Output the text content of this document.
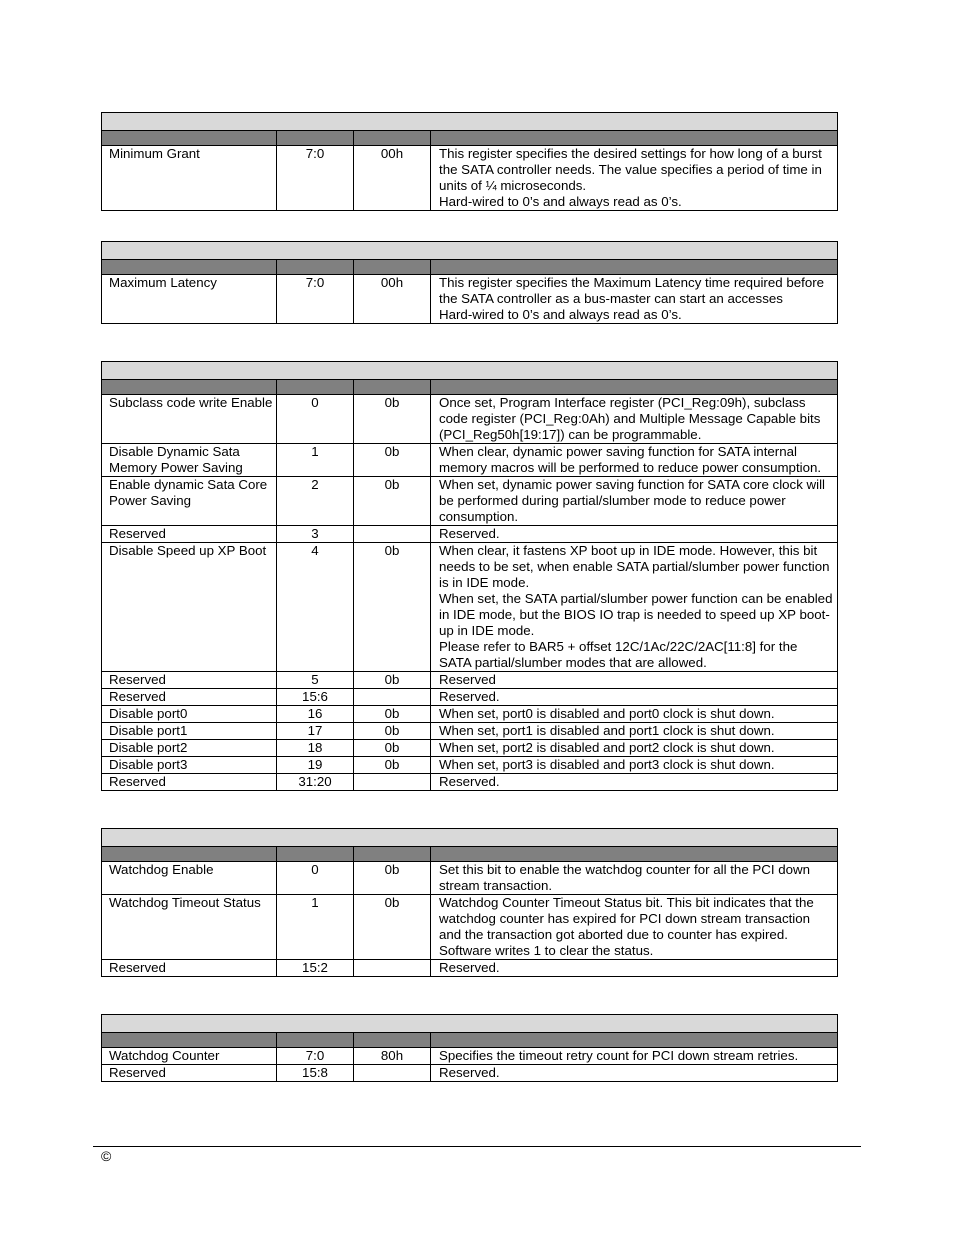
Minimum Grant	7:0	00h	This register specifies the desired settings for how long of a burst the SATA controller needs. The value specifies a period of time in units of ¼ microseconds.
Hard-wired to 0’s and always read as 0’s.

Maximum Latency	7:0	00h	This register specifies the Maximum Latency time required before the SATA controller as a bus-master can start an accesses
Hard-wired to 0’s and always read as 0’s.

Subclass code write Enable	0	0b	Once set, Program Interface register (PCI_Reg:09h), subclass code register (PCI_Reg:0Ah) and Multiple Message Capable bits (PCI_Reg50h[19:17]) can be programmable.

Disable Dynamic Sata Memory Power Saving	1	0b	When clear, dynamic power saving function for SATA internal memory macros will be performed to reduce power consumption.

Enable dynamic Sata Core Power Saving	2	0b	When set, dynamic power saving function for SATA core clock will be performed during partial/slumber mode to reduce power consumption.

Reserved	3		Reserved.

Disable Speed up XP Boot	4	0b	When clear, it fastens XP boot up in IDE mode. However, this bit needs to be set, when enable SATA partial/slumber power function is in IDE mode.
When set, the SATA partial/slumber power function can be enabled in IDE mode, but the BIOS IO trap is needed to speed up XP boot-up in IDE mode.
Please refer to BAR5 + offset 12C/1Ac/22C/2AC[11:8] for the SATA partial/slumber modes that are allowed.

Reserved	5	0b	Reserved

Reserved	15:6		Reserved.

Disable port0	16	0b	When set, port0 is disabled and port0 clock is shut down.

Disable port1	17	0b	When set, port1 is disabled and port1 clock is shut down.

Disable port2	18	0b	When set, port2 is disabled and port2 clock is shut down.

Disable port3	19	0b	When set, port3 is disabled and port3 clock is shut down.

Reserved	31:20		Reserved.

Watchdog Enable	0	0b	Set this bit to enable the watchdog counter for all the PCI down stream transaction.

Watchdog Timeout Status	1	0b	Watchdog Counter Timeout Status bit. This bit indicates that the watchdog counter has expired for PCI down stream transaction and the transaction got aborted due to counter has expired.
Software writes 1 to clear the status.

Reserved	15:2		Reserved.

Watchdog Counter	7:0	80h	Specifies the timeout retry count for PCI down stream retries.

Reserved	15:8		Reserved.
©
